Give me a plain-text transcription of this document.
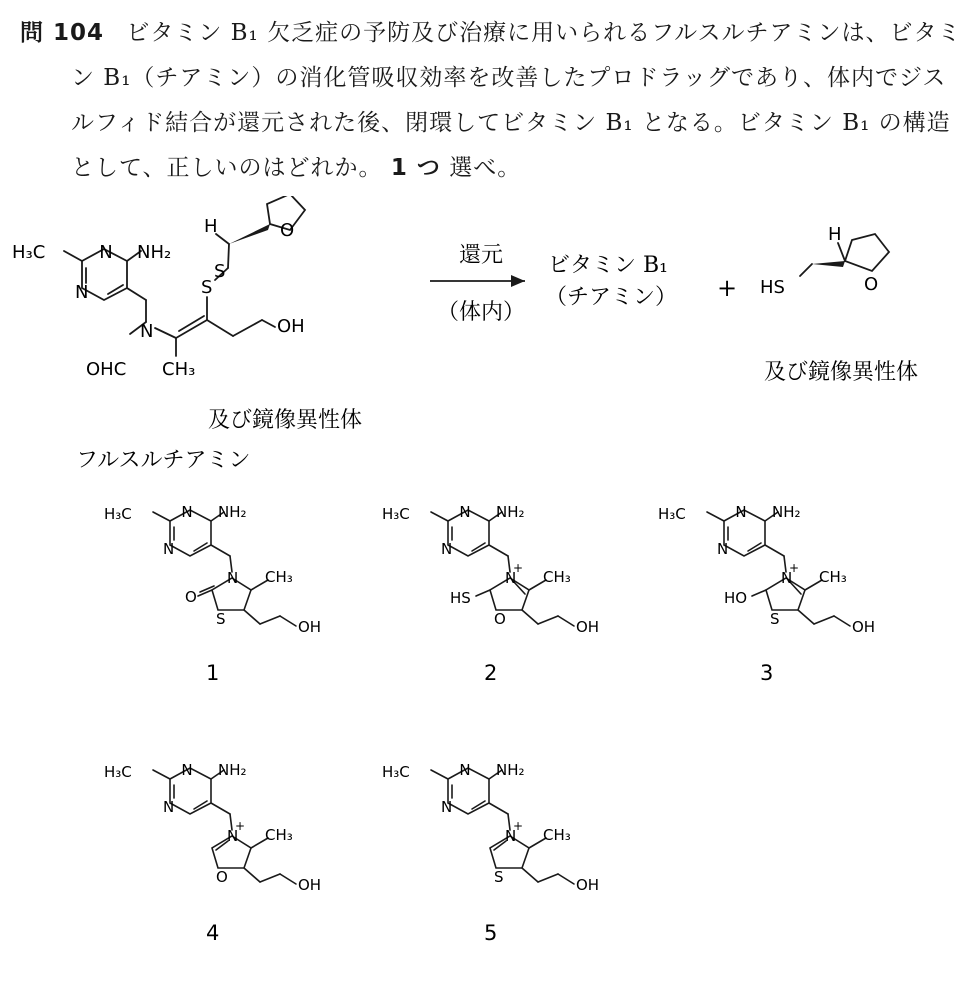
問 104 ビタミン B₁ 欠乏症の予防及び治療に用いられるフルスルチアミンは、ビタミ
ン B₁（チアミン）の消化管吸収効率を改善したプロドラッグであり、体内でジス
ルフィド結合が還元された後、閉環してビタミン B₁ となる。ビタミン B₁ の構造
として、正しいのはどれか。 1 つ 選べ。
H₃C	N NH₂
N
N
OHC CH₃
OH
S
S
H	O
及び鏡像異性体
フルスルチアミン
還元
（体内）
ビタミン B₁
（チアミン） + HS
H
O
及び鏡像異性体
H₃C	N NH₂
N
N CH₃
O
S	OH
1
H₃C	N NH₂
N
N
+ CH₃
HS
O	OH
2
H₃C	N NH₂
N
N
+ CH₃
HO
S	OH
3
H₃C	N NH₂
N
N
+ CH₃
O	OH
4
H₃C	N NH₂
N
N
+ CH₃
S	OH
5
